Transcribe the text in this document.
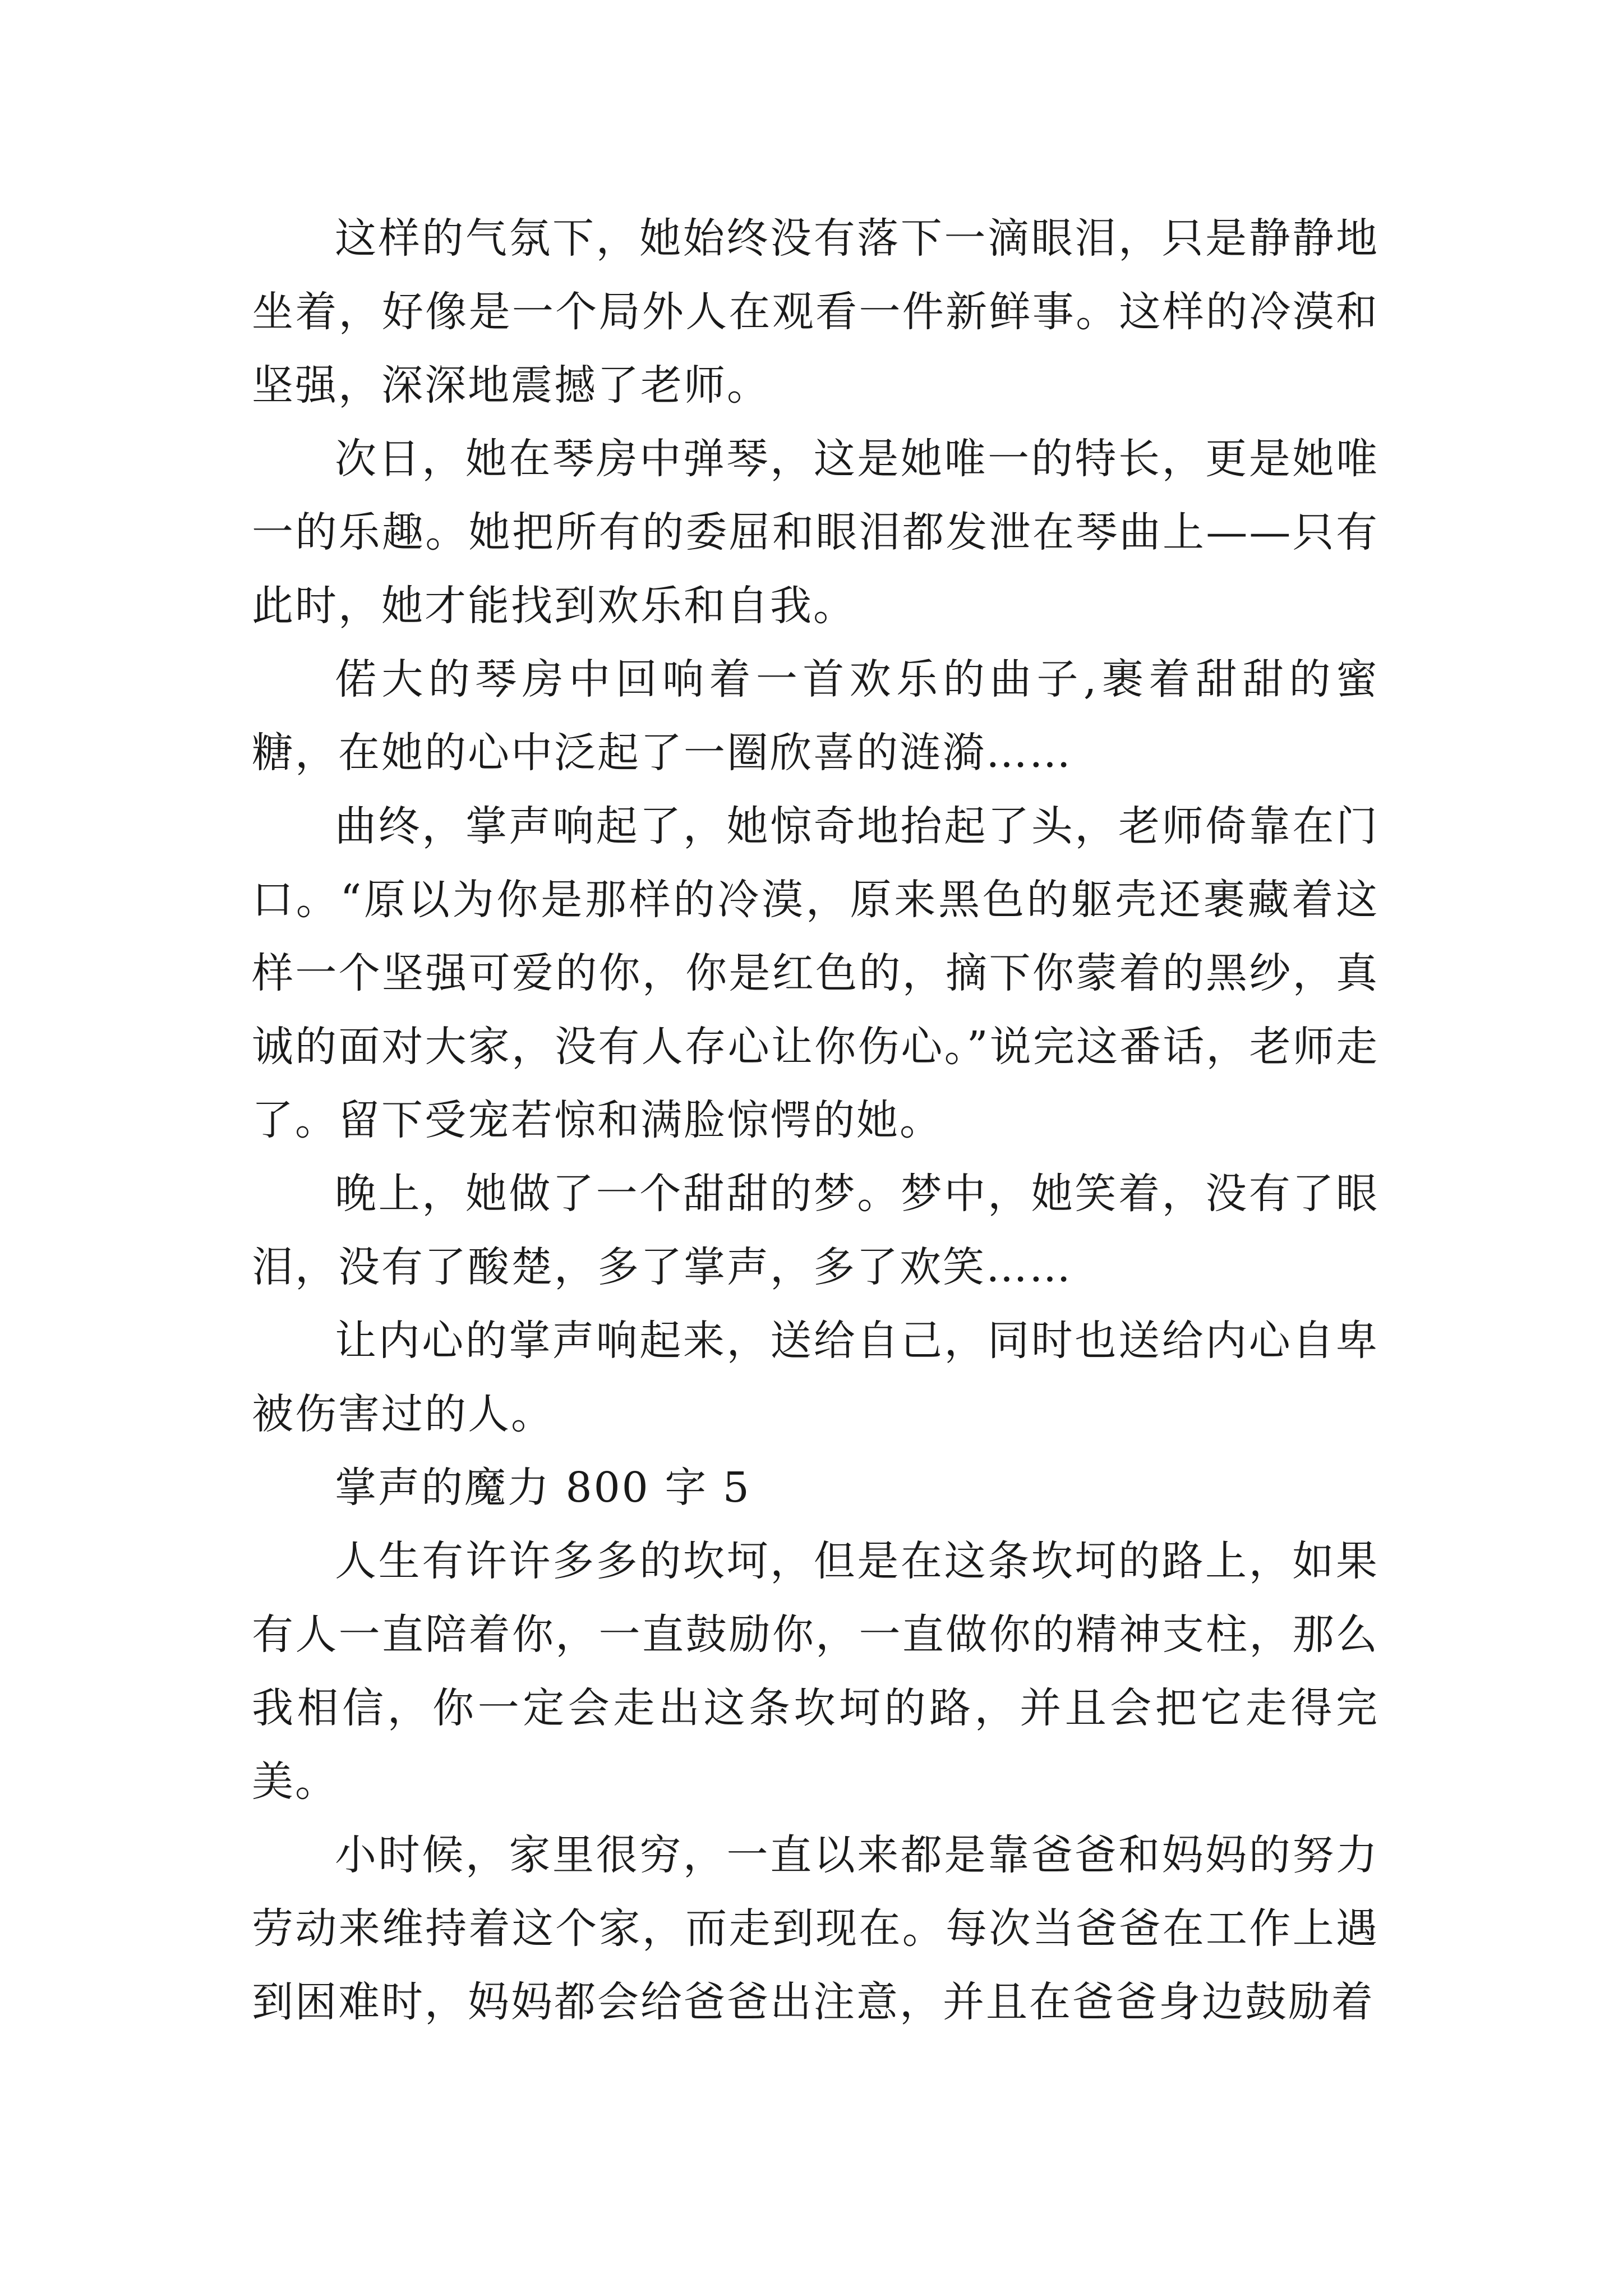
这样的气氛下，她始终没有落下一滴眼泪，只是静静地坐着，好像是一个局外人在观看一件新鲜事。这样的冷漠和坚强，深深地震撼了老师。

次日，她在琴房中弹琴，这是她唯一的特长，更是她唯一的乐趣。她把所有的委屈和眼泪都发泄在琴曲上——只有此时，她才能找到欢乐和自我。

偌大的琴房中回响着一首欢乐的曲子,裹着甜甜的蜜糖，在她的心中泛起了一圈欣喜的涟漪……

曲终，掌声响起了，她惊奇地抬起了头，老师倚靠在门口。“原以为你是那样的冷漠，原来黑色的躯壳还裹藏着这样一个坚强可爱的你，你是红色的，摘下你蒙着的黑纱，真诚的面对大家，没有人存心让你伤心。”说完这番话，老师走了。留下受宠若惊和满脸惊愕的她。

晚上，她做了一个甜甜的梦。梦中，她笑着，没有了眼泪，没有了酸楚，多了掌声，多了欢笑……

让内心的掌声响起来，送给自己，同时也送给内心自卑被伤害过的人。

掌声的魔力 800 字 5

人生有许许多多的坎坷，但是在这条坎坷的路上，如果有人一直陪着你，一直鼓励你，一直做你的精神支柱，那么我相信，你一定会走出这条坎坷的路，并且会把它走得完美。

小时候，家里很穷，一直以来都是靠爸爸和妈妈的努力劳动来维持着这个家，而走到现在。每次当爸爸在工作上遇到困难时，妈妈都会给爸爸出注意，并且在爸爸身边鼓励着
